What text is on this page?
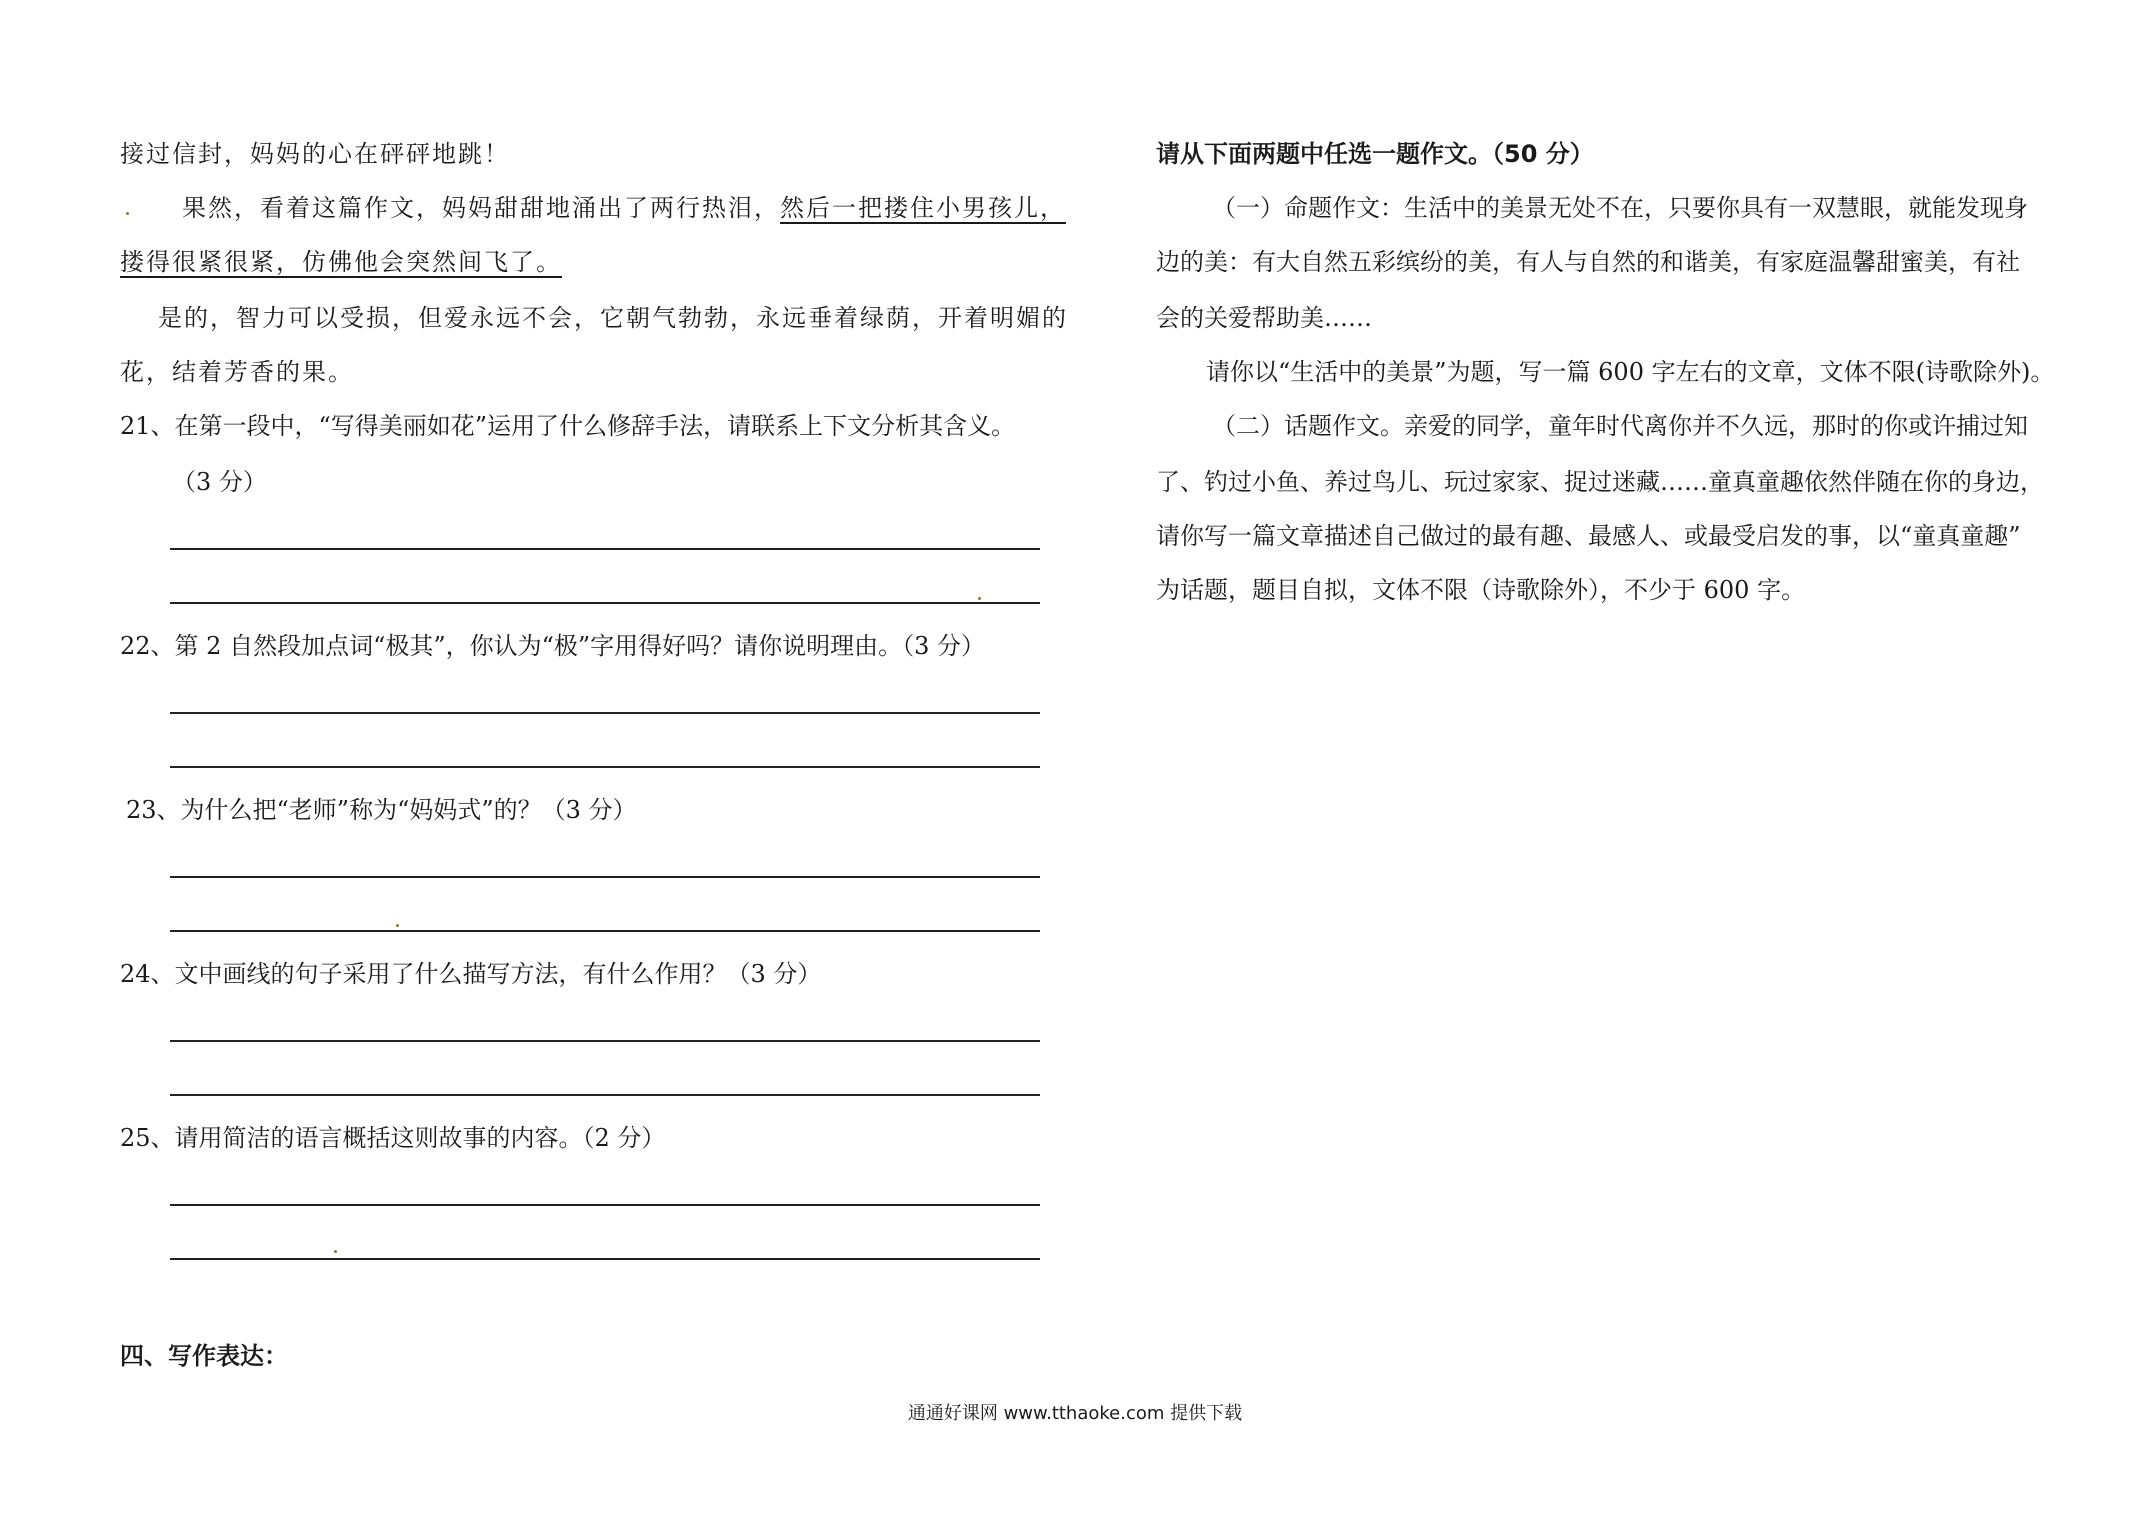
接过信封，妈妈的心在砰砰地跳！
果然，看着这篇作文，妈妈甜甜地涌出了两行热泪，然后一把搂住小男孩儿，
搂得很紧很紧，仿佛他会突然间飞了。
是的，智力可以受损，但爱永远不会，它朝气勃勃，永远垂着绿荫，开着明媚的
花，结着芳香的果。
21、在第一段中，“写得美丽如花”运用了什么修辞手法，请联系上下文分析其含义。
（3 分）
22、第 2 自然段加点词“极其”，你认为“极”字用得好吗？请你说明理由。（3 分）
23、为什么把“老师”称为“妈妈式”的？（3 分）
24、文中画线的句子采用了什么描写方法，有什么作用？（3 分）
25、请用简洁的语言概括这则故事的内容。（2 分）
四、写作表达：
请从下面两题中任选一题作文。（50 分）
（一）命题作文：生活中的美景无处不在，只要你具有一双慧眼，就能发现身
边的美：有大自然五彩缤纷的美，有人与自然的和谐美，有家庭温馨甜蜜美，有社
会的关爱帮助美……
请你以“生活中的美景”为题，写一篇 600 字左右的文章，文体不限(诗歌除外)。
（二）话题作文。亲爱的同学，童年时代离你并不久远，那时的你或许捕过知
了、钓过小鱼、养过鸟儿、玩过家家、捉过迷藏……童真童趣依然伴随在你的身边，
请你写一篇文章描述自己做过的最有趣、最感人、或最受启发的事，以“童真童趣”
为话题，题目自拟，文体不限（诗歌除外），不少于 600 字。
通通好课网 www.tthaoke.com 提供下载
